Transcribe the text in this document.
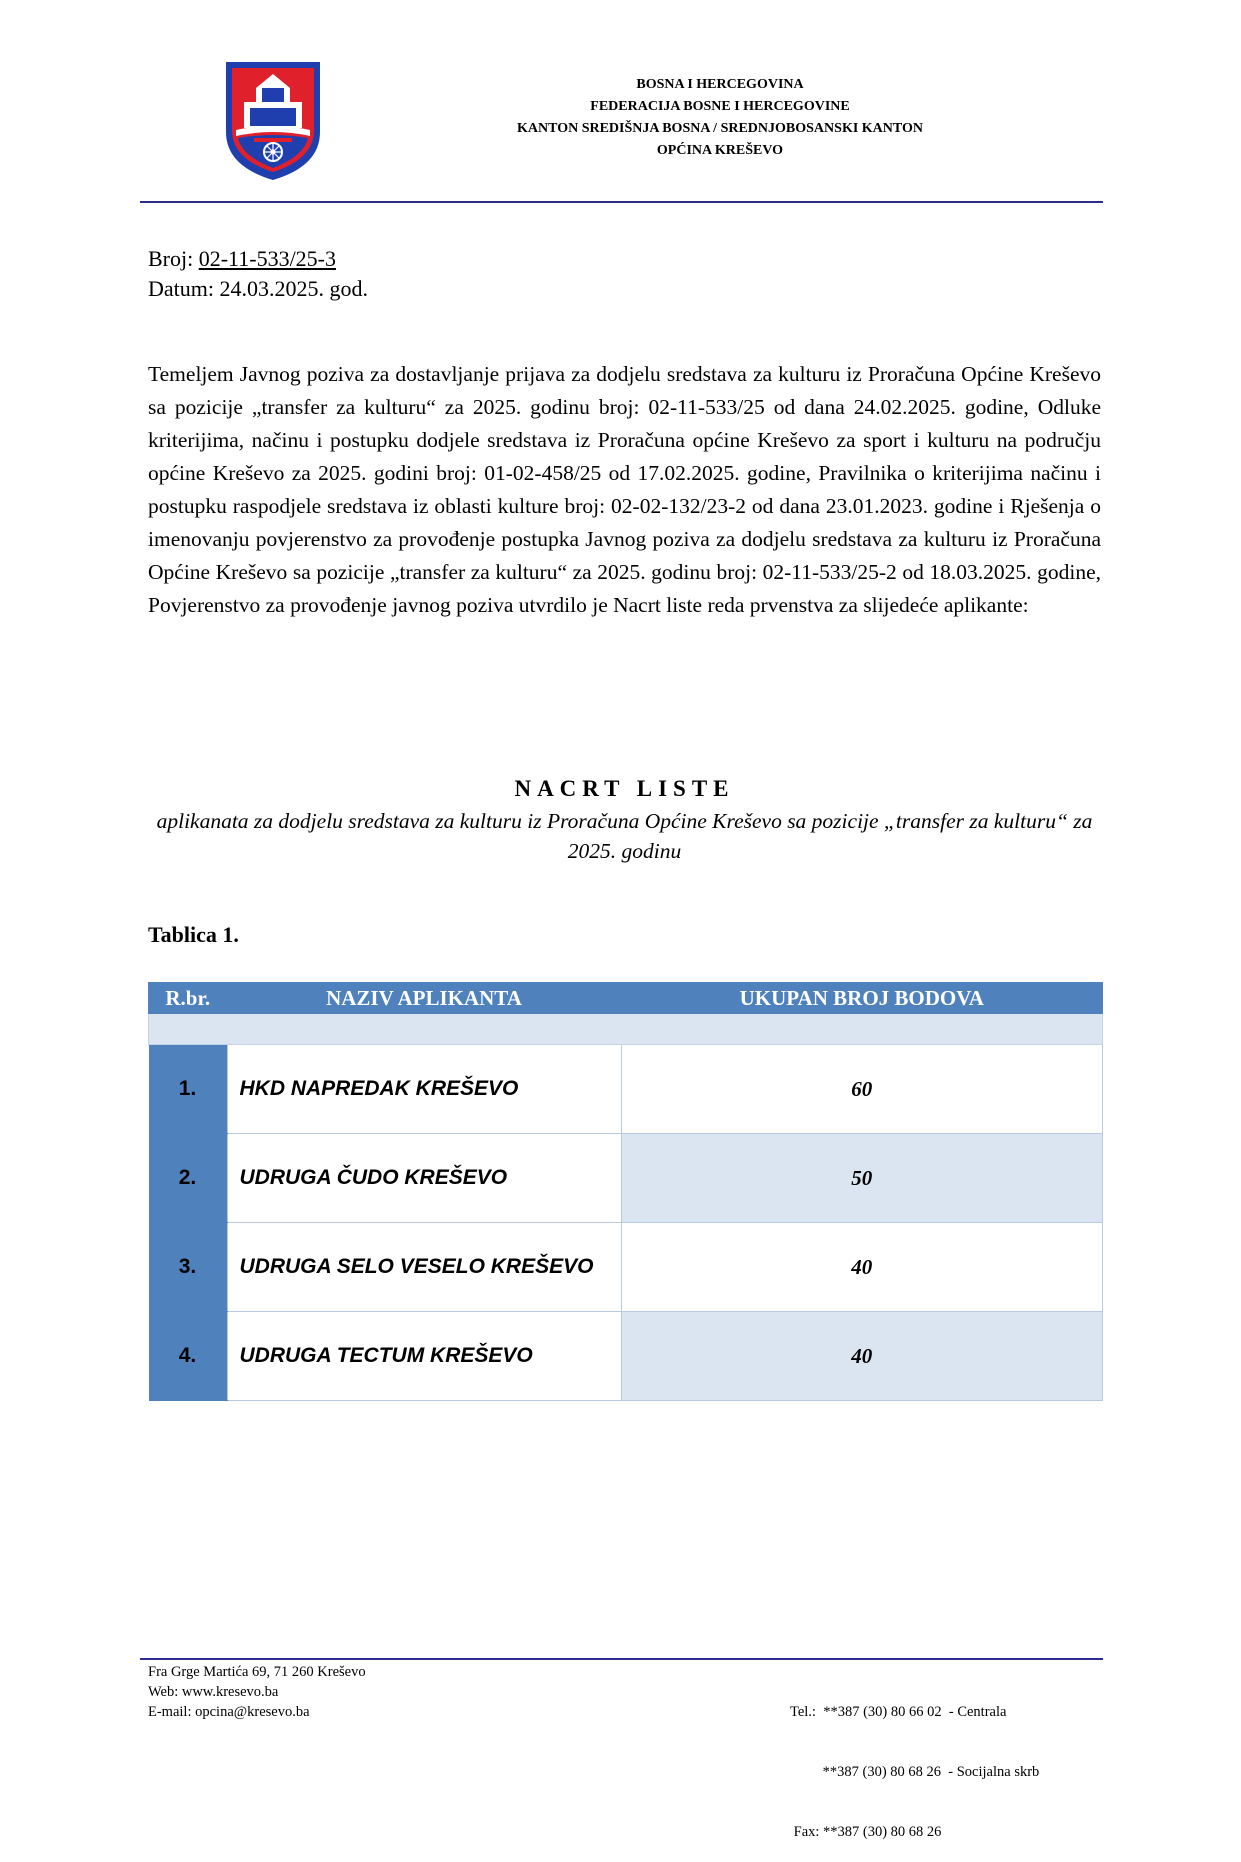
BOSNA I HERCEGOVINA
FEDERACIJA BOSNE I HERCEGOVINE
KANTON SREDIŠNJA BOSNA / SREDNJOBOSANSKI KANTON
OPĆINA KREŠEVO
Broj: 02-11-533/25-3
Datum: 24.03.2025. god.
Temeljem Javnog poziva za dostavljanje prijava za dodjelu sredstava za kulturu iz Proračuna Općine Kreševo sa pozicije „transfer za kulturu“ za 2025. godinu broj: 02-11-533/25 od dana 24.02.2025. godine, Odluke kriterijima, načinu i postupku dodjele sredstava iz Proračuna općine Kreševo za sport i kulturu na području općine Kreševo za 2025. godini broj: 01-02-458/25 od 17.02.2025. godine, Pravilnika o kriterijima načinu i postupku raspodjele sredstava iz oblasti kulture broj: 02-02-132/23-2 od dana 23.01.2023. godine i Rješenja o imenovanju povjerenstvo za provođenje postupka Javnog poziva za dodjelu sredstava za kulturu iz Proračuna Općine Kreševo sa pozicije „transfer za kulturu“ za 2025. godinu broj: 02-11-533/25-2 od 18.03.2025. godine, Povjerenstvo za provođenje javnog poziva utvrdilo je Nacrt liste reda prvenstva za slijedeće aplikante:
NACRT LISTE
aplikanata za dodjelu sredstava za kulturu iz Proračuna Općine Kreševo sa pozicije „transfer za kulturu“ za 2025. godinu
Tablica 1.
R.br.	NAZIV APLIKANTA	UKUPAN BROJ BODOVA

1.	HKD NAPREDAK KREŠEVO	60
2.	UDRUGA ČUDO KREŠEVO	50
3.	UDRUGA SELO VESELO KREŠEVO	40
4.	UDRUGA TECTUM KREŠEVO	40
Fra Grge Martića 69, 71 260 Kreševo
Web: www.kresevo.ba
E-mail: opcina@kresevo.ba

	Tel.:  **387 (30) 80 66 02  - Centrala

**387 (30) 80 68 26  - Socijalna skrb

Fax: **387 (30) 80 68 26
